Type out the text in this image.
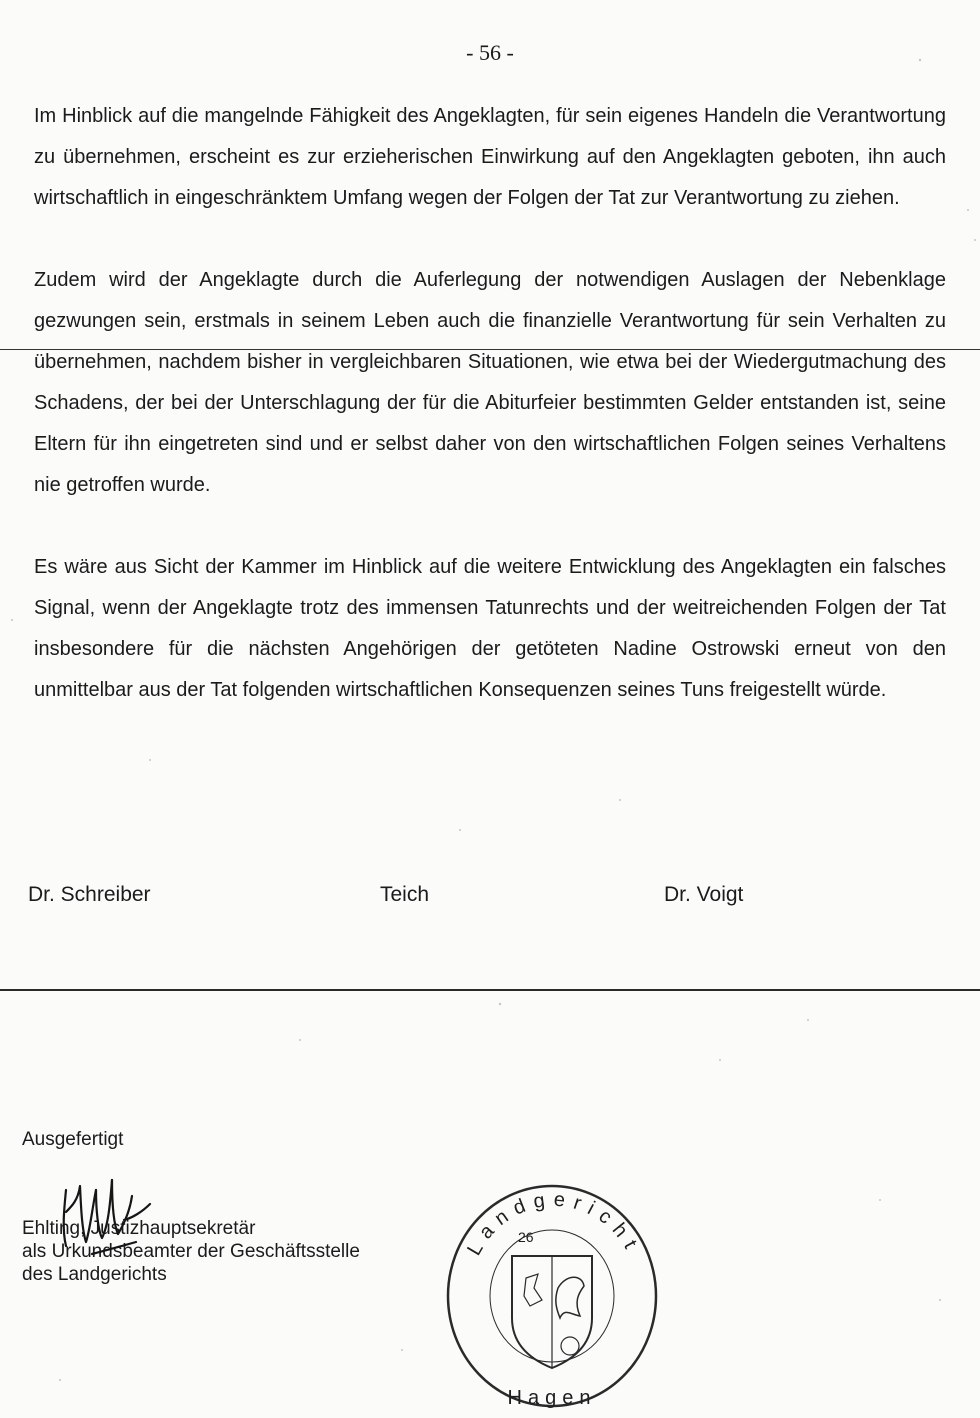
- 56 -

Im Hinblick auf die mangelnde Fähigkeit des Angeklagten, für sein eigenes Handeln die Verantwortung zu übernehmen, erscheint es zur erzieherischen Einwirkung auf den Angeklagten geboten, ihn auch wirtschaftlich in eingeschränktem Umfang wegen der Folgen der Tat zur Verantwortung zu ziehen.

Zudem wird der Angeklagte durch die Auferlegung der notwendigen Auslagen der Nebenklage gezwungen sein, erstmals in seinem Leben auch die finanzielle Verantwortung für sein Verhalten zu übernehmen, nachdem bisher in vergleichbaren Situationen, wie etwa bei der Wiedergutmachung des Schadens, der bei der Unterschlagung der für die Abiturfeier bestimmten Gelder entstanden ist, seine Eltern für ihn eingetreten sind und er selbst daher von den wirtschaftlichen Folgen seines Verhaltens nie getroffen wurde.

Es wäre aus Sicht der Kammer im Hinblick auf die weitere Entwicklung des Angeklagten ein falsches Signal, wenn der Angeklagte trotz des immensen Tatunrechts und der weitreichenden Folgen der Tat insbesondere für die nächsten Angehörigen der getöteten Nadine Ostrowski erneut von den unmittelbar aus der Tat folgenden wirtschaftlichen Konsequenzen seines Tuns freigestellt würde.

Dr. Schreiber	Teich	Dr. Voigt
Ausgefertigt
Ehlting, Justizhauptsekretär
als Urkundsbeamter der Geschäftsstelle
des Landgerichts
Landgericht
Hagen
26
